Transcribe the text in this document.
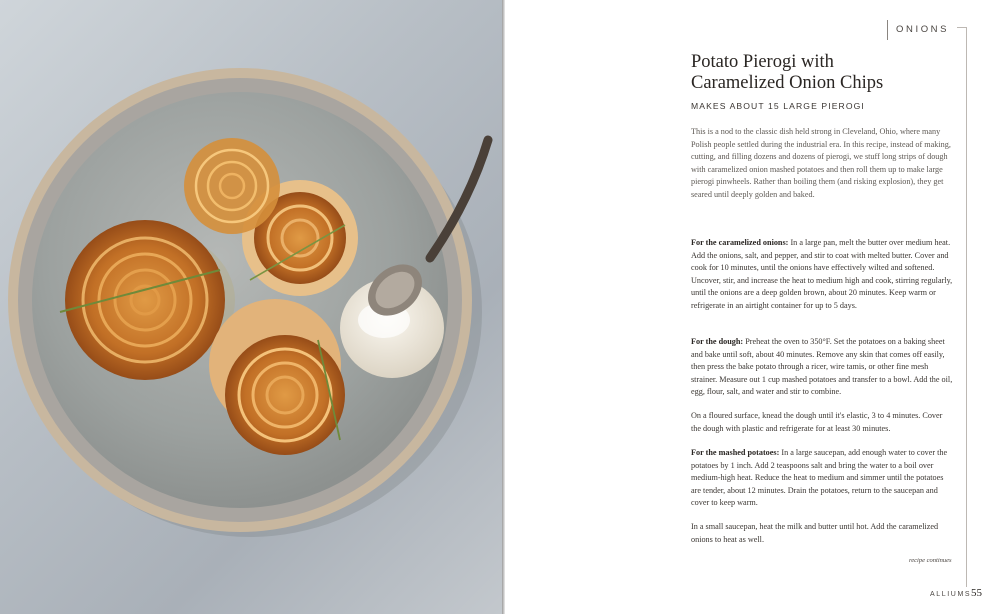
ONIONS
Potato Pierogi with
Caramelized Onion Chips
MAKES ABOUT 15 LARGE PIEROGI

This is a nod to the classic dish held strong in Cleveland, Ohio, where many Polish people settled during the industrial era. In this recipe, instead of making, cutting, and filling dozens and dozens of pierogi, we stuff long strips of dough with caramelized onion mashed potatoes and then roll them up to make large pierogi pinwheels. Rather than boiling them (and risking explosion), they get seared until deeply golden and baked.

For the caramelized onions: In a large pan, melt the butter over medium heat. Add the onions, salt, and pepper, and stir to coat with melted butter. Cover and cook for 10 minutes, until the onions have effectively wilted and softened. Uncover, stir, and increase the heat to medium high and cook, stirring regularly, until the onions are a deep golden brown, about 20 minutes. Keep warm or refrigerate in an airtight container for up to 5 days.

For the dough: Preheat the oven to 350°F. Set the potatoes on a baking sheet and bake until soft, about 40 minutes. Remove any skin that comes off easily, then press the bake potato through a ricer, wire tamis, or other fine mesh strainer. Measure out 1 cup mashed potatoes and transfer to a bowl. Add the oil, egg, flour, salt, and water and stir to combine.

On a floured surface, knead the dough until it's elastic, 3 to 4 minutes. Cover the dough with plastic and refrigerate for at least 30 minutes.

For the mashed potatoes: In a large saucepan, add enough water to cover the potatoes by 1 inch. Add 2 teaspoons salt and bring the water to a boil over medium-high heat. Reduce the heat to medium and simmer until the potatoes are tender, about 12 minutes. Drain the potatoes, return to the saucepan and cover to keep warm.

In a small saucepan, heat the milk and butter until hot. Add the caramelized onions to heat as well.

recipe continues
ALLIUMS 55
